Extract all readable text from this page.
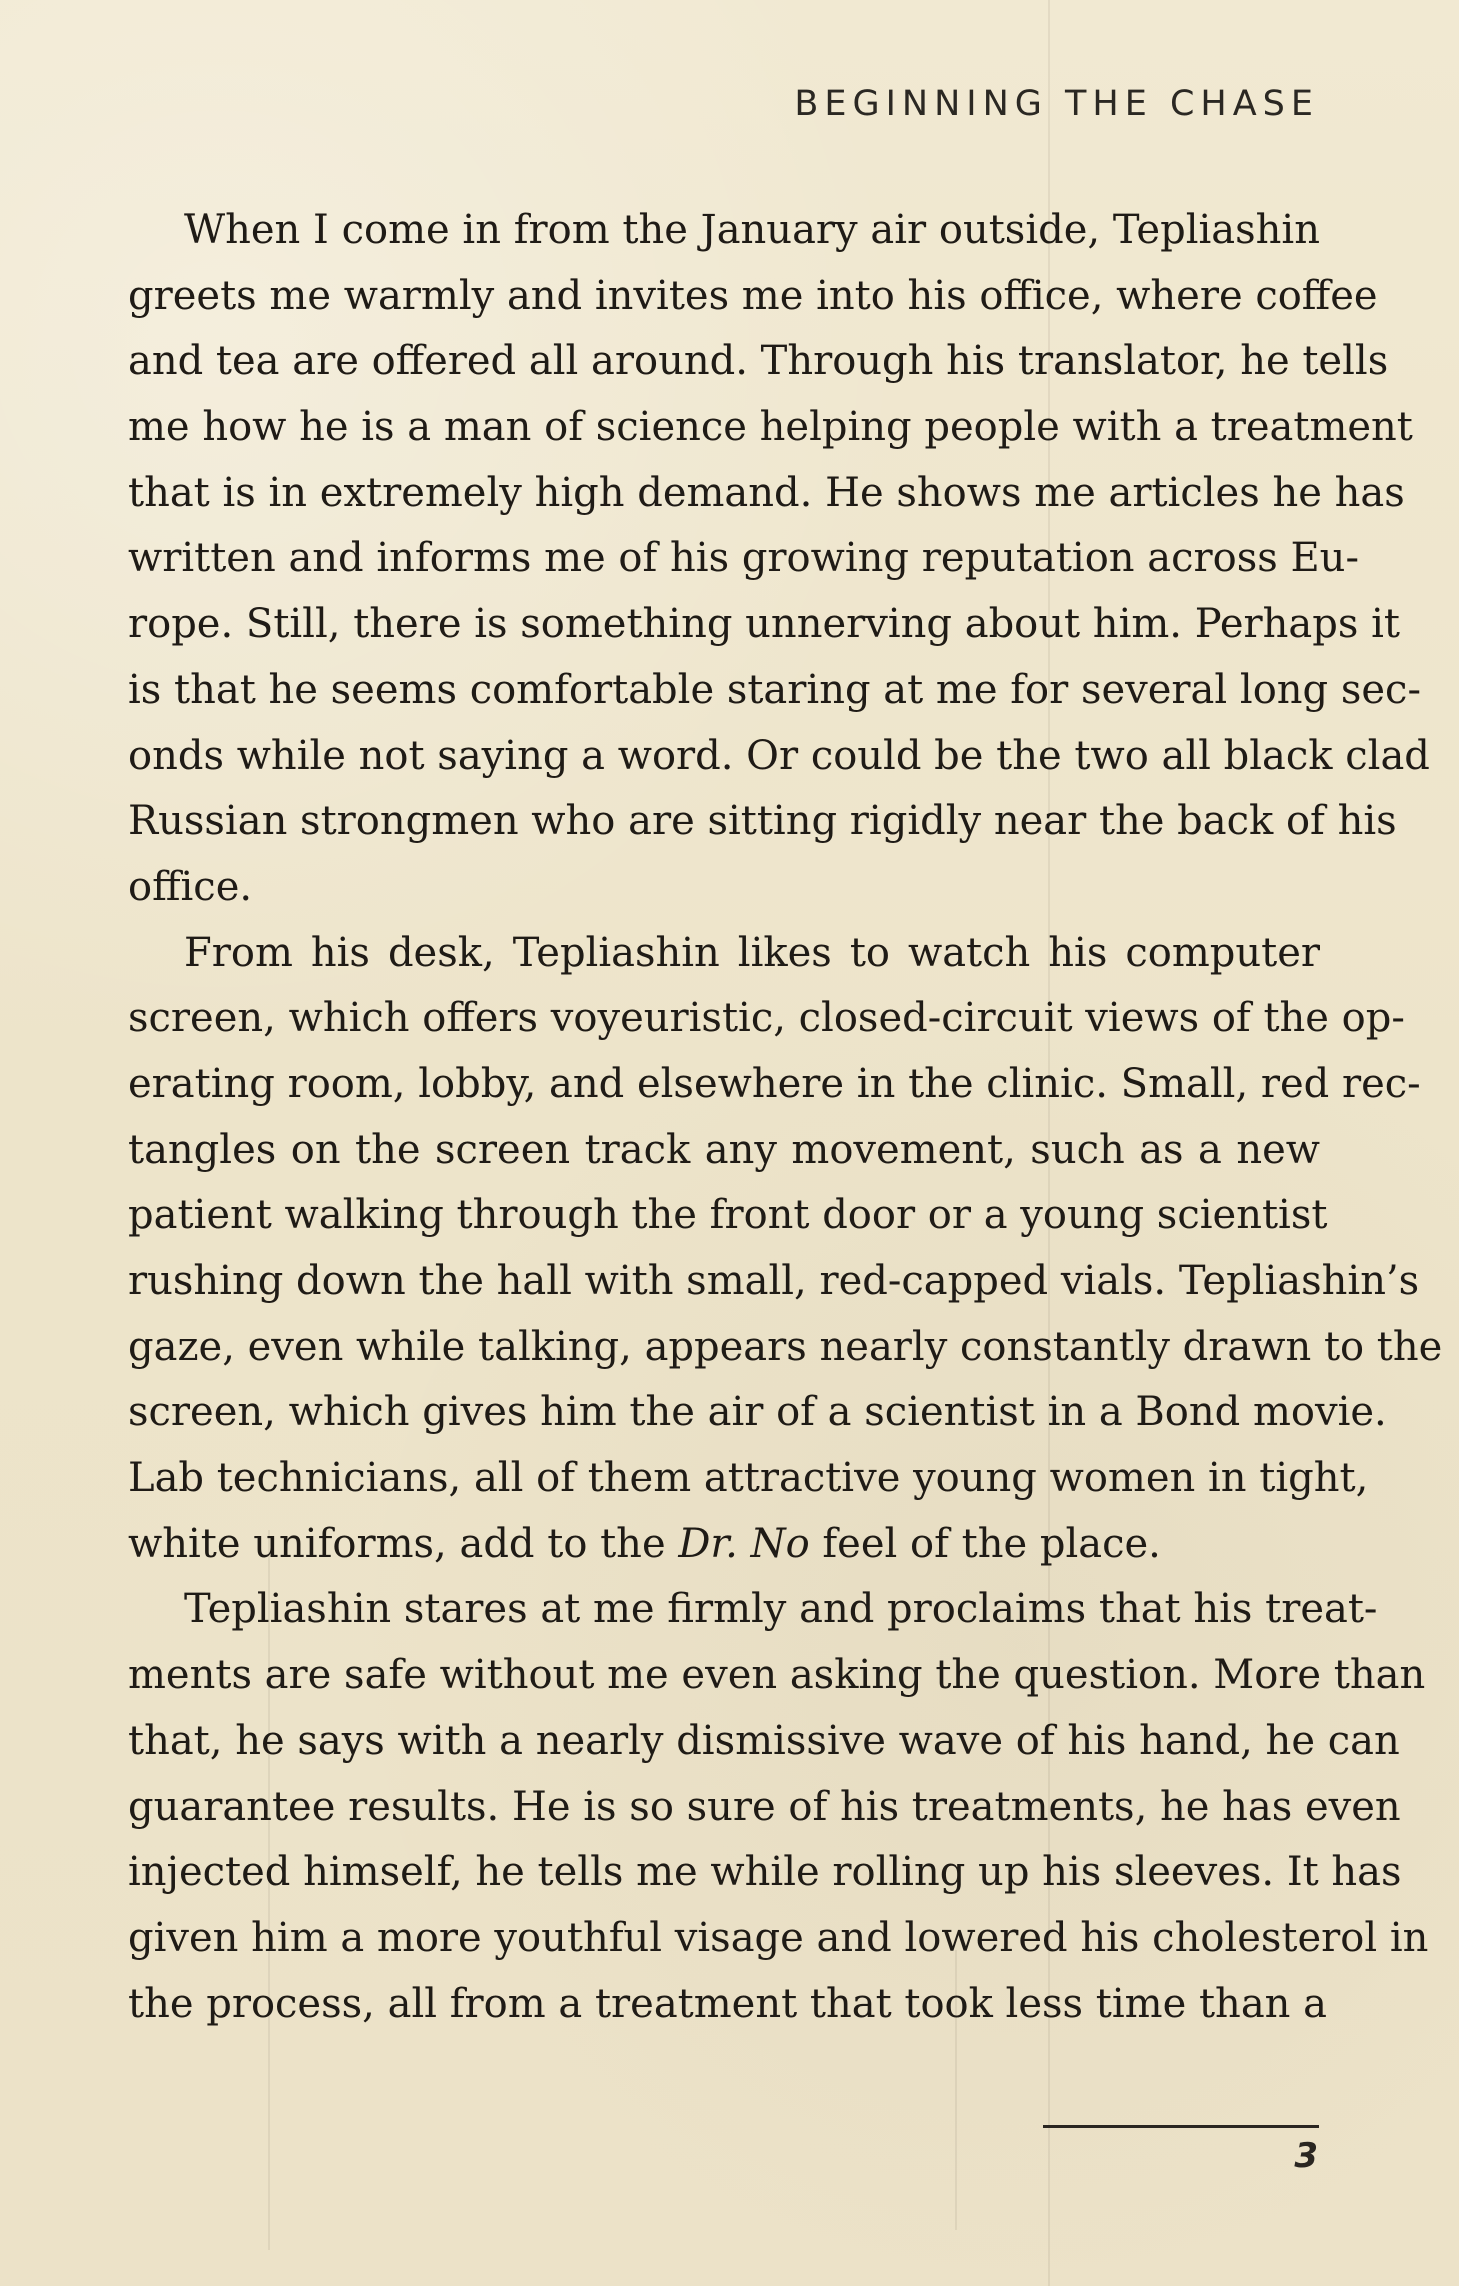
BEGINNING THE CHASE
When I come in from the January air outside, Tepliashin
greets me warmly and invites me into his office, where coffee
and tea are offered all around. Through his translator, he tells
me how he is a man of science helping people with a treatment
that is in extremely high demand. He shows me articles he has
written and informs me of his growing reputation across Eu-
rope. Still, there is something unnerving about him. Perhaps it
is that he seems comfortable staring at me for several long sec-
onds while not saying a word. Or could be the two all black clad
Russian strongmen who are sitting rigidly near the back of his
office.
From his desk, Tepliashin likes to watch his computer
screen, which offers voyeuristic, closed-circuit views of the op-
erating room, lobby, and elsewhere in the clinic. Small, red rec-
tangles on the screen track any movement, such as a new
patient walking through the front door or a young scientist
rushing down the hall with small, red-capped vials. Tepliashin’s
gaze, even while talking, appears nearly constantly drawn to the
screen, which gives him the air of a scientist in a Bond movie.
Lab technicians, all of them attractive young women in tight,
white uniforms, add to the Dr. No feel of the place.
Tepliashin stares at me firmly and proclaims that his treat-
ments are safe without me even asking the question. More than
that, he says with a nearly dismissive wave of his hand, he can
guarantee results. He is so sure of his treatments, he has even
injected himself, he tells me while rolling up his sleeves. It has
given him a more youthful visage and lowered his cholesterol in
the process, all from a treatment that took less time than a
3
